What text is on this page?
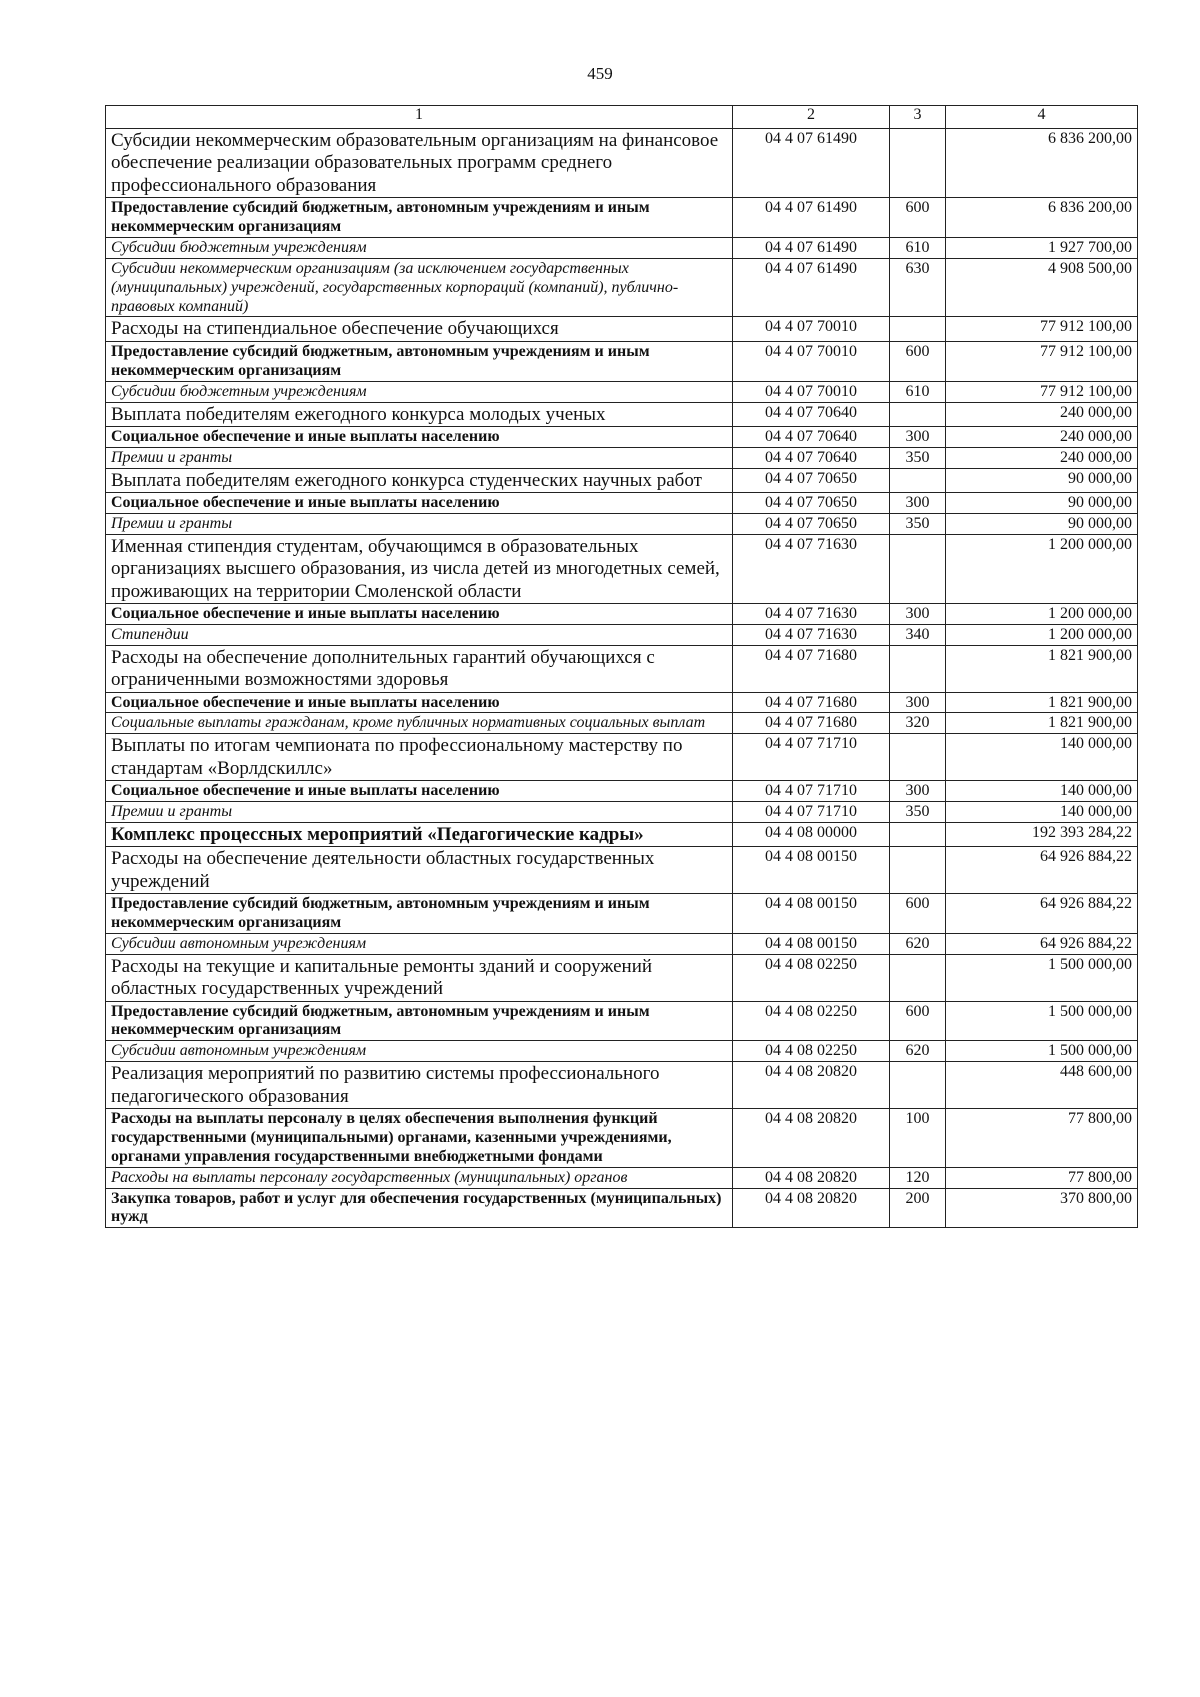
459
1	2	3	4
Субсидии некоммерческим образовательным организациям на финансовое обеспечение реализации образовательных программ среднего профессионального образования	04 4 07 61490		6 836 200,00
Предоставление субсидий бюджетным, автономным учреждениям и иным некоммерческим организациям	04 4 07 61490	600	6 836 200,00
Субсидии бюджетным учреждениям	04 4 07 61490	610	1 927 700,00
Субсидии некоммерческим организациям (за исключением государственных (муниципальных) учреждений, государственных корпораций (компаний), публично-правовых компаний)	04 4 07 61490	630	4 908 500,00
Расходы на стипендиальное обеспечение обучающихся	04 4 07 70010		77 912 100,00
Предоставление субсидий бюджетным, автономным учреждениям и иным некоммерческим организациям	04 4 07 70010	600	77 912 100,00
Субсидии бюджетным учреждениям	04 4 07 70010	610	77 912 100,00
Выплата победителям ежегодного конкурса молодых ученых	04 4 07 70640		240 000,00
Социальное обеспечение и иные выплаты населению	04 4 07 70640	300	240 000,00
Премии и гранты	04 4 07 70640	350	240 000,00
Выплата победителям ежегодного конкурса студенческих научных работ	04 4 07 70650		90 000,00
Социальное обеспечение и иные выплаты населению	04 4 07 70650	300	90 000,00
Премии и гранты	04 4 07 70650	350	90 000,00
Именная стипендия студентам, обучающимся в образовательных организациях высшего образования, из числа детей из многодетных семей, проживающих на территории Смоленской области	04 4 07 71630		1 200 000,00
Социальное обеспечение и иные выплаты населению	04 4 07 71630	300	1 200 000,00
Стипендии	04 4 07 71630	340	1 200 000,00
Расходы на обеспечение дополнительных гарантий обучающихся с ограниченными возможностями здоровья	04 4 07 71680		1 821 900,00
Социальное обеспечение и иные выплаты населению	04 4 07 71680	300	1 821 900,00
Социальные выплаты гражданам, кроме публичных нормативных социальных выплат	04 4 07 71680	320	1 821 900,00
Выплаты по итогам чемпионата по профессиональному мастерству по стандартам «Ворлдскиллс»	04 4 07 71710		140 000,00
Социальное обеспечение и иные выплаты населению	04 4 07 71710	300	140 000,00
Премии и гранты	04 4 07 71710	350	140 000,00
Комплекс процессных мероприятий «Педагогические кадры»	04 4 08 00000		192 393 284,22
Расходы на обеспечение деятельности областных государственных учреждений	04 4 08 00150		64 926 884,22
Предоставление субсидий бюджетным, автономным учреждениям и иным некоммерческим организациям	04 4 08 00150	600	64 926 884,22
Субсидии автономным учреждениям	04 4 08 00150	620	64 926 884,22
Расходы на текущие и капитальные ремонты зданий и сооружений областных государственных учреждений	04 4 08 02250		1 500 000,00
Предоставление субсидий бюджетным, автономным учреждениям и иным некоммерческим организациям	04 4 08 02250	600	1 500 000,00
Субсидии автономным учреждениям	04 4 08 02250	620	1 500 000,00
Реализация мероприятий по развитию системы профессионального педагогического образования	04 4 08 20820		448 600,00
Расходы на выплаты персоналу в целях обеспечения выполнения функций государственными (муниципальными) органами, казенными учреждениями, органами управления государственными внебюджетными фондами	04 4 08 20820	100	77 800,00
Расходы на выплаты персоналу государственных (муниципальных) органов	04 4 08 20820	120	77 800,00
Закупка товаров, работ и услуг для обеспечения государственных (муниципальных) нужд	04 4 08 20820	200	370 800,00
